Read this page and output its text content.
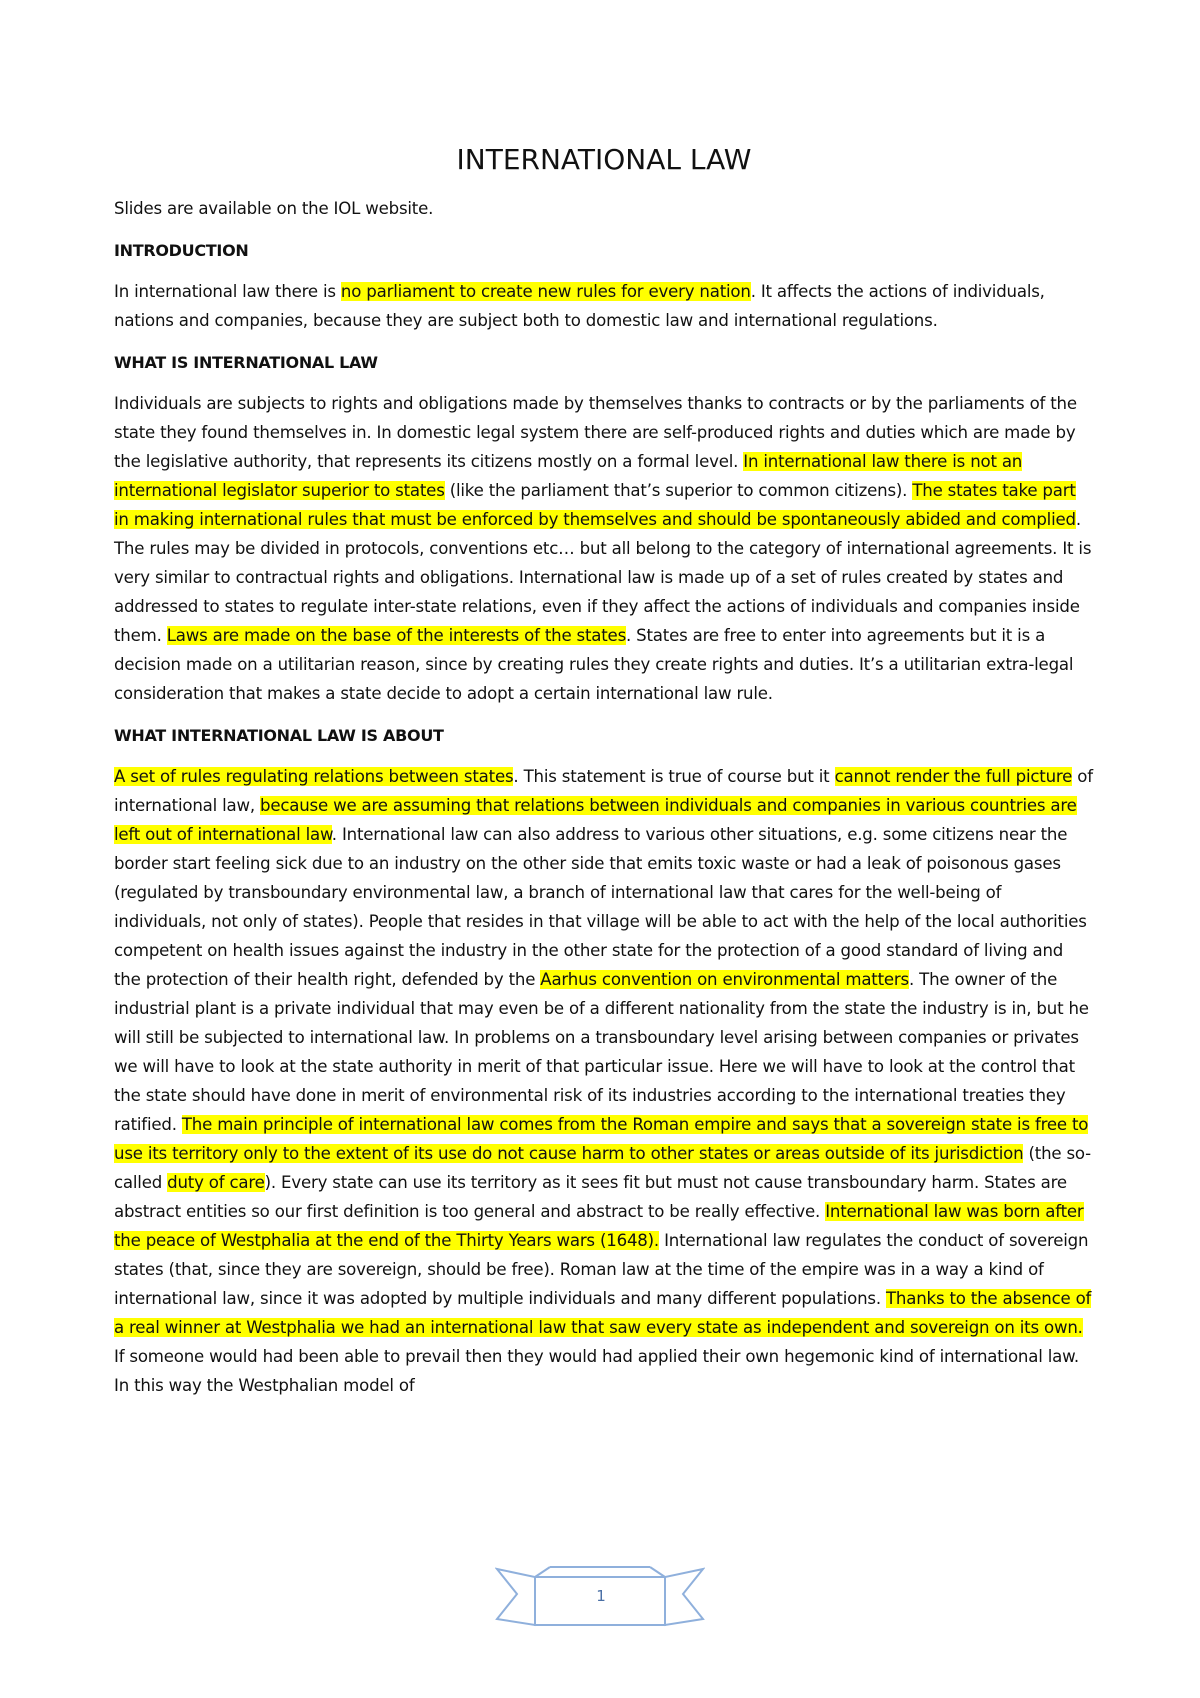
INTERNATIONAL LAW

Slides are available on the IOL website.

INTRODUCTION

In international law there is no parliament to create new rules for every nation. It affects the actions of individuals, nations and companies, because they are subject both to domestic law and international regulations.

WHAT IS INTERNATIONAL LAW

Individuals are subjects to rights and obligations made by themselves thanks to contracts or by the parliaments of the state they found themselves in. In domestic legal system there are self-produced rights and duties which are made by the legislative authority, that represents its citizens mostly on a formal level. In international law there is not an international legislator superior to states (like the parliament that’s superior to common citizens). The states take part in making international rules that must be enforced by themselves and should be spontaneously abided and complied. The rules may be divided in protocols, conventions etc… but all belong to the category of international agreements. It is very similar to contractual rights and obligations. International law is made up of a set of rules created by states and addressed to states to regulate inter-state relations, even if they affect the actions of individuals and companies inside them. Laws are made on the base of the interests of the states. States are free to enter into agreements but it is a decision made on a utilitarian reason, since by creating rules they create rights and duties. It’s a utilitarian extra-legal consideration that makes a state decide to adopt a certain international law rule.

WHAT INTERNATIONAL LAW IS ABOUT

A set of rules regulating relations between states. This statement is true of course but it cannot render the full picture of international law, because we are assuming that relations between individuals and companies in various countries are left out of international law. International law can also address to various other situations, e.g. some citizens near the border start feeling sick due to an industry on the other side that emits toxic waste or had a leak of poisonous gases (regulated by transboundary environmental law, a branch of international law that cares for the well-being of individuals, not only of states). People that resides in that village will be able to act with the help of the local authorities competent on health issues against the industry in the other state for the protection of a good standard of living and the protection of their health right, defended by the Aarhus convention on environmental matters. The owner of the industrial plant is a private individual that may even be of a different nationality from the state the industry is in, but he will still be subjected to international law. In problems on a transboundary level arising between companies or privates we will have to look at the state authority in merit of that particular issue. Here we will have to look at the control that the state should have done in merit of environmental risk of its industries according to the international treaties they ratified. The main principle of international law comes from the Roman empire and says that a sovereign state is free to use its territory only to the extent of its use do not cause harm to other states or areas outside of its jurisdiction (the so-called duty of care). Every state can use its territory as it sees fit but must not cause transboundary harm. States are abstract entities so our first definition is too general and abstract to be really effective. International law was born after the peace of Westphalia at the end of the Thirty Years wars (1648). International law regulates the conduct of sovereign states (that, since they are sovereign, should be free). Roman law at the time of the empire was in a way a kind of international law, since it was adopted by multiple individuals and many different populations. Thanks to the absence of a real winner at Westphalia we had an international law that saw every state as independent and sovereign on its own. If someone would had been able to prevail then they would had applied their own hegemonic kind of international law. In this way the Westphalian model of

1
